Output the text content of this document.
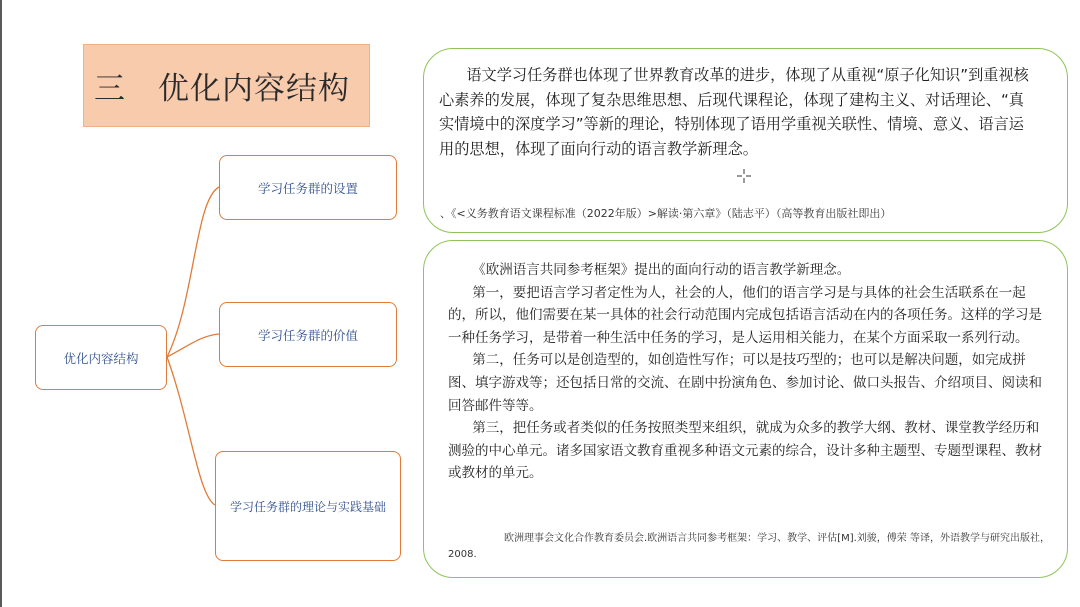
三　优化内容结构
优化内容结构
学习任务群的设置
学习任务群的价值
学习任务群的理论与实践基础
语文学习任务群也体现了世界教育改革的进步，体现了从重视“原子化知识”到重视核心素养的发展，体现了复杂思维思想、后现代课程论，体现了建构主义、对话理论、“真实情境中的深度学习”等新的理论，特别体现了语用学重视关联性、情境、意义、语言运用的思想，体现了面向行动的语言教学新理念。
、《<义务教育语文课程标准（2022年版）>解读·第六章》（陆志平）（高等教育出版社即出）

《欧洲语言共同参考框架》提出的面向行动的语言教学新理念。

第一，要把语言学习者定性为人，社会的人，他们的语言学习是与具体的社会生活联系在一起的，所以，他们需要在某一具体的社会行动范围内完成包括语言活动在内的各项任务。这样的学习是一种任务学习，是带着一种生活中任务的学习，是人运用相关能力，在某个方面采取一系列行动。

第二，任务可以是创造型的，如创造性写作；可以是技巧型的；也可以是解决问题，如完成拼图、填字游戏等；还包括日常的交流、在剧中扮演角色、参加讨论、做口头报告、介绍项目、阅读和回答邮件等等。

第三，把任务或者类似的任务按照类型来组织，就成为众多的教学大纲、教材、课堂教学经历和测验的中心单元。诸多国家语文教育重视多种语文元素的综合，设计多种主题型、专题型课程、教材或教材的单元。

欧洲理事会文化合作教育委员会.欧洲语言共同参考框架：学习、教学、评估[M].刘骏，傅荣 等译，外语教学与研究出版社，2008.
